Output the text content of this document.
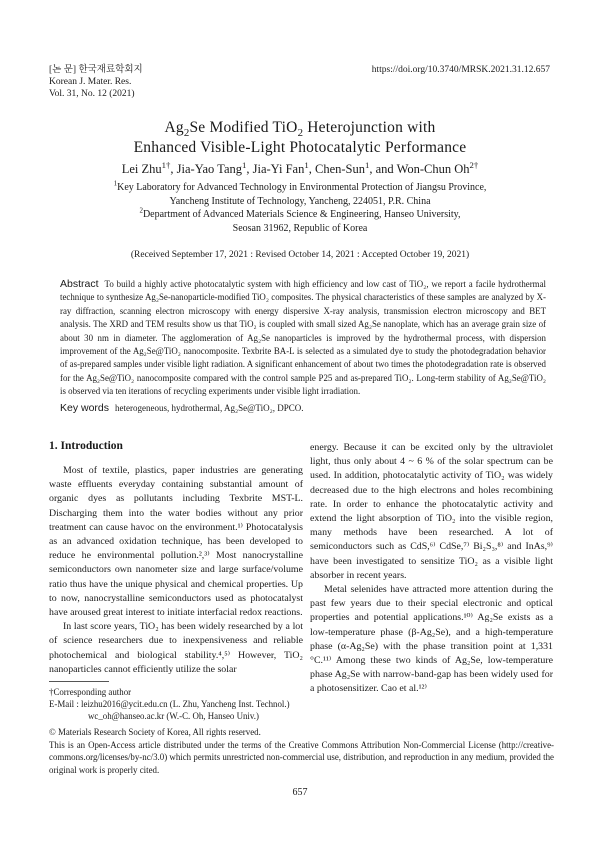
[논 문] 한국재료학회지
Korean J. Mater. Res.
Vol. 31, No. 12 (2021)
https://doi.org/10.3740/MRSK.2021.31.12.657
$Ag_2Se$ Modified TiO$_2$ Heterojunction with
Enhanced Visible-Light Photocatalytic Performance
Lei Zhu$^{1\dagger}$, Jia-Yao Tang$^1$, Jia-Yi Fan$^1$, Chen-Sun$^1$, and Won-Chun $Oh^{2\dagger}$
$^1$Key Laboratory for Advanced Technology in Environmental Protection of Jiangsu Province,
Yancheng Institute of Technology, Yancheng, 224051, P.R. China
$^2$Department of Advanced Materials Science & Engineering, Hanseo University,
Seosan 31962, Republic of Korea
(Received September 17, 2021 : Revised October 14, 2021 : Accepted October 19, 2021)
Abstract To build a highly active photocatalytic system with high efficiency and low cast of TiO₂, we report a facile hydrothermal technique to synthesize Ag₂Se-nanoparticle-modified TiO₂ composites. The physical characteristics of these samples are analyzed by X-ray diffraction, scanning electron microscopy with energy dispersive X-ray analysis, transmission electron microscopy and BET analysis. The XRD and TEM results show us that TiO₂ is coupled with small sized Ag₂Se nanoplate, which has an average grain size of about 30 nm in diameter. The agglomeration of Ag₂Se nanoparticles is improved by the hydrothermal process, with dispersion improvement of the Ag₂Se@TiO₂ nanocomposite. Texbrite BA-L is selected as a simulated dye to study the photodegradation behavior of as-prepared samples under visible light radiation. A significant enhancement of about two times the photodegradation rate is observed for the Ag₂Se@TiO₂ nanocomposite compared with the control sample P25 and as-prepared TiO₂. Long-term stability of Ag₂Se@TiO₂ is observed via ten iterations of recycling experiments under visible light irradiation.
Key words heterogeneous, hydrothermal, Ag₂Se@TiO₂, DPCO.
1. Introduction

Most of textile, plastics, paper industries are generating waste effluents everyday containing substantial amount of organic dyes as pollutants including Texbrite MST-L. Discharging them into the water bodies without any prior treatment can cause havoc on the environment.¹⁾ Photocatalysis as an advanced oxidation technique, has been developed to reduce he environmental pollution.²,³⁾ Most nanocrystalline semiconductors own nanometer size and large surface/volume ratio thus have the unique physical and chemical properties. Up to now, nanocrystalline semiconductors used as photocatalyst have aroused great interest to initiate interfacial redox reactions.

In last score years, TiO₂ has been widely researched by a lot of science researchers due to inexpensiveness and reliable photochemical and biological stability.⁴,⁵⁾ However, TiO₂ nanoparticles cannot efficiently utilize the solar

energy. Because it can be excited only by the ultraviolet light, thus only about 4 ~ 6 % of the solar spectrum can be used. In addition, photocatalytic activity of TiO₂ was widely decreased due to the high electrons and holes recombining rate. In order to enhance the photocatalytic activity and extend the light absorption of TiO₂ into the visible region, many methods have been researched. A lot of semiconductors such as CdS,⁶⁾ CdSe,⁷⁾ Bi₂S₃,⁸⁾ and InAs,⁹⁾ have been investigated to sensitize TiO₂ as a visible light absorber in recent years.

Metal selenides have attracted more attention during the past few years due to their special electronic and optical properties and potential applications.¹⁰⁾ Ag₂Se exists as a low-temperature phase (β-Ag₂Se), and a high-temperature phase (α-Ag₂Se) with the phase transition point at 1,331 °C.¹¹⁾ Among these two kinds of Ag₂Se, low-temperature phase Ag₂Se with narrow-band-gap has been widely used for a photosensitizer. Cao et al.¹²⁾

†Corresponding author
E-Mail : leizhu2016@ycit.edu.cn (L. Zhu, Yancheng Inst. Technol.)
wc_oh@hanseo.ac.kr (W.-C. Oh, Hanseo Univ.)
© Materials Research Society of Korea, All rights reserved.
This is an Open-Access article distributed under the terms of the Creative Commons Attribution Non-Commercial License (http://creative-commons.org/licenses/by-nc/3.0) which permits unrestricted non-commercial use, distribution, and reproduction in any medium, provided the original work is properly cited.
657
